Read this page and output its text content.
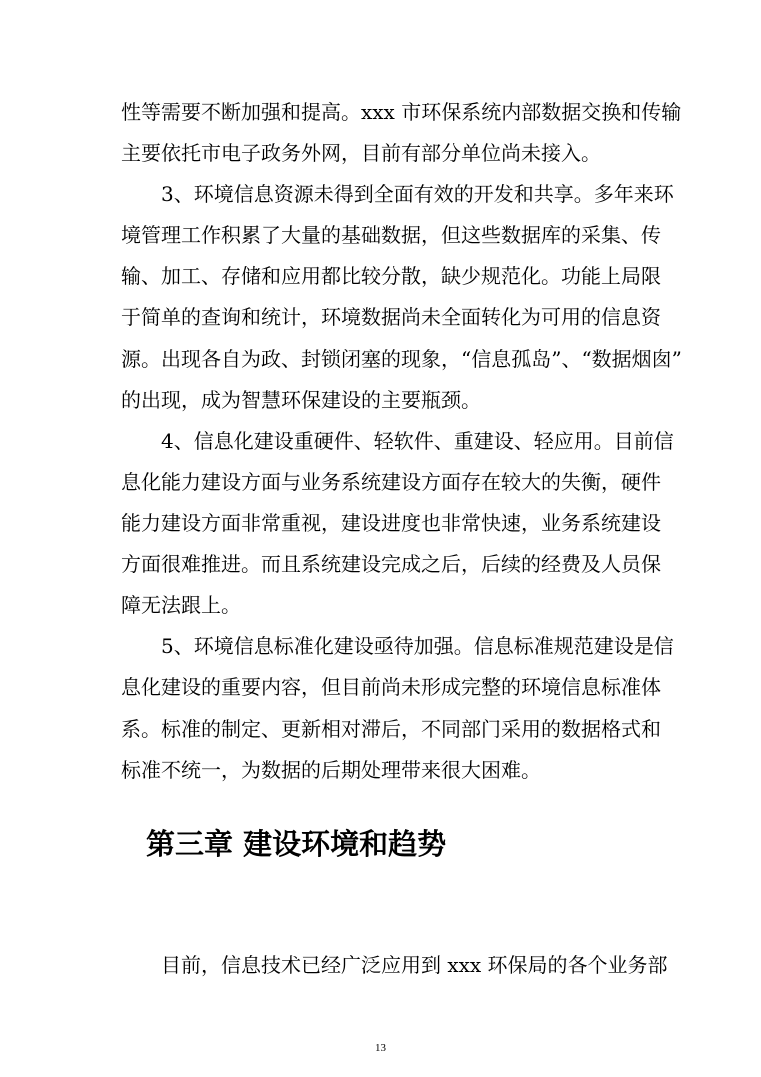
性等需要不断加强和提高。xxx 市环保系统内部数据交换和传输
主要依托市电子政务外网，目前有部分单位尚未接入。
3、环境信息资源未得到全面有效的开发和共享。多年来环
境管理工作积累了大量的基础数据，但这些数据库的采集、传
输、加工、存储和应用都比较分散，缺少规范化。功能上局限
于简单的查询和统计，环境数据尚未全面转化为可用的信息资
源。出现各自为政、封锁闭塞的现象，“信息孤岛”、“数据烟囱”
的出现，成为智慧环保建设的主要瓶颈。
4、信息化建设重硬件、轻软件、重建设、轻应用。目前信
息化能力建设方面与业务系统建设方面存在较大的失衡，硬件
能力建设方面非常重视，建设进度也非常快速，业务系统建设
方面很难推进。而且系统建设完成之后，后续的经费及人员保
障无法跟上。
5、环境信息标准化建设亟待加强。信息标准规范建设是信
息化建设的重要内容，但目前尚未形成完整的环境信息标准体
系。标准的制定、更新相对滞后，不同部门采用的数据格式和
标准不统一，为数据的后期处理带来很大困难。
第三章 建设环境和趋势
目前，信息技术已经广泛应用到 xxx 环保局的各个业务部
13
